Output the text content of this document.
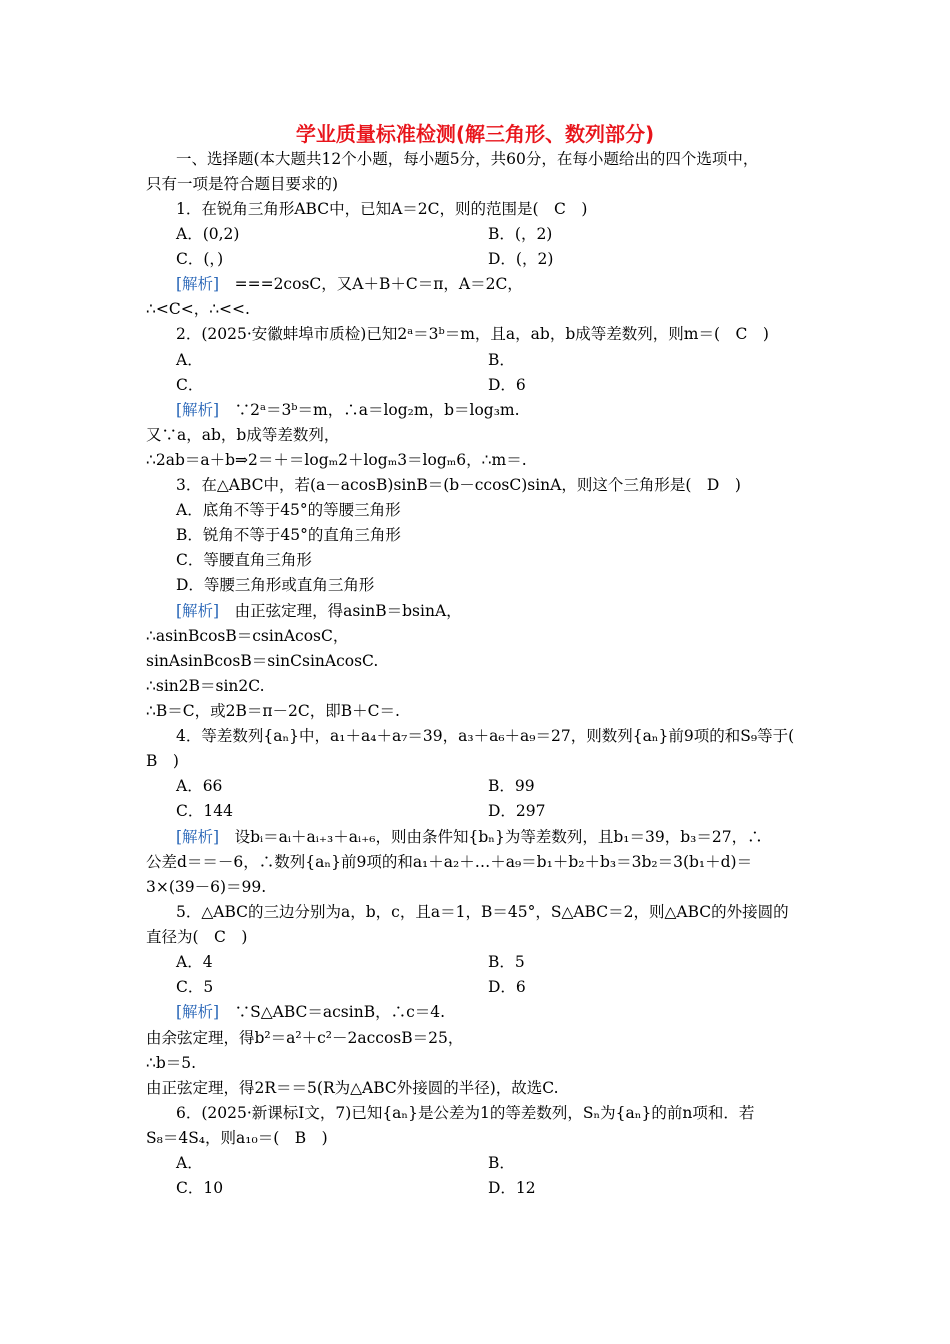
学业质量标准检测(解三角形、数列部分)
一、选择题(本大题共12个小题，每小题5分，共60分，在每小题给出的四个选项中，
只有一项是符合题目要求的)
1．在锐角三角形ABC中，已知A＝2C，则的范围是(　C　)
A．(0,2)	B．(，2)
C．(，)	D．(，2)
[解析]　===2cosC，又A＋B＋C＝π，A＝2C，
∴<C<，∴<<.
2．(2025·安徽蚌埠市质检)已知2ᵃ＝3ᵇ＝m，且a，ab，b成等差数列，则m＝(　C　)
A．	B．
C．	D．6
[解析]　∵2ᵃ＝3ᵇ＝m，∴a＝log₂m，b＝log₃m.
又∵a，ab，b成等差数列，
∴2ab＝a＋b⇒2＝＋＝logₘ2＋logₘ3＝logₘ6，∴m＝.
3．在△ABC中，若(a－acosB)sinB＝(b－ccosC)sinA，则这个三角形是(　D　)
A．底角不等于45°的等腰三角形
B．锐角不等于45°的直角三角形
C．等腰直角三角形
D．等腰三角形或直角三角形
[解析]　由正弦定理，得asinB＝bsinA，
∴asinBcosB＝csinAcosC，
sinAsinBcosB＝sinCsinAcosC.
∴sin2B＝sin2C.
∴B＝C，或2B＝π－2C，即B＋C＝.
4．等差数列{aₙ}中，a₁＋a₄＋a₇＝39，a₃＋a₆＋a₉＝27，则数列{aₙ}前9项的和S₉等于(
B　)
A．66	B．99
C．144	D．297
[解析]　设bᵢ＝aᵢ＋aᵢ₊₃＋aᵢ₊₆，则由条件知{bₙ}为等差数列，且b₁＝39，b₃＝27，∴
公差d＝＝－6，∴数列{aₙ}前9项的和a₁＋a₂＋…＋a₉＝b₁＋b₂＋b₃＝3b₂＝3(b₁＋d)＝
3×(39－6)＝99.
5．△ABC的三边分别为a，b，c，且a＝1，B＝45°，S△ABC＝2，则△ABC的外接圆的
直径为(　C　)
A．4	B．5
C．5	D．6
[解析]　∵S△ABC＝acsinB，∴c＝4.
由余弦定理，得b²＝a²＋c²－2accosB＝25，
∴b＝5.
由正弦定理，得2R＝＝5(R为△ABC外接圆的半径)，故选C.
6．(2025·新课标Ⅰ文，7)已知{aₙ}是公差为1的等差数列，Sₙ为{aₙ}的前n项和．若
S₈＝4S₄，则a₁₀＝(　B　)
A．	B．
C．10	D．12
